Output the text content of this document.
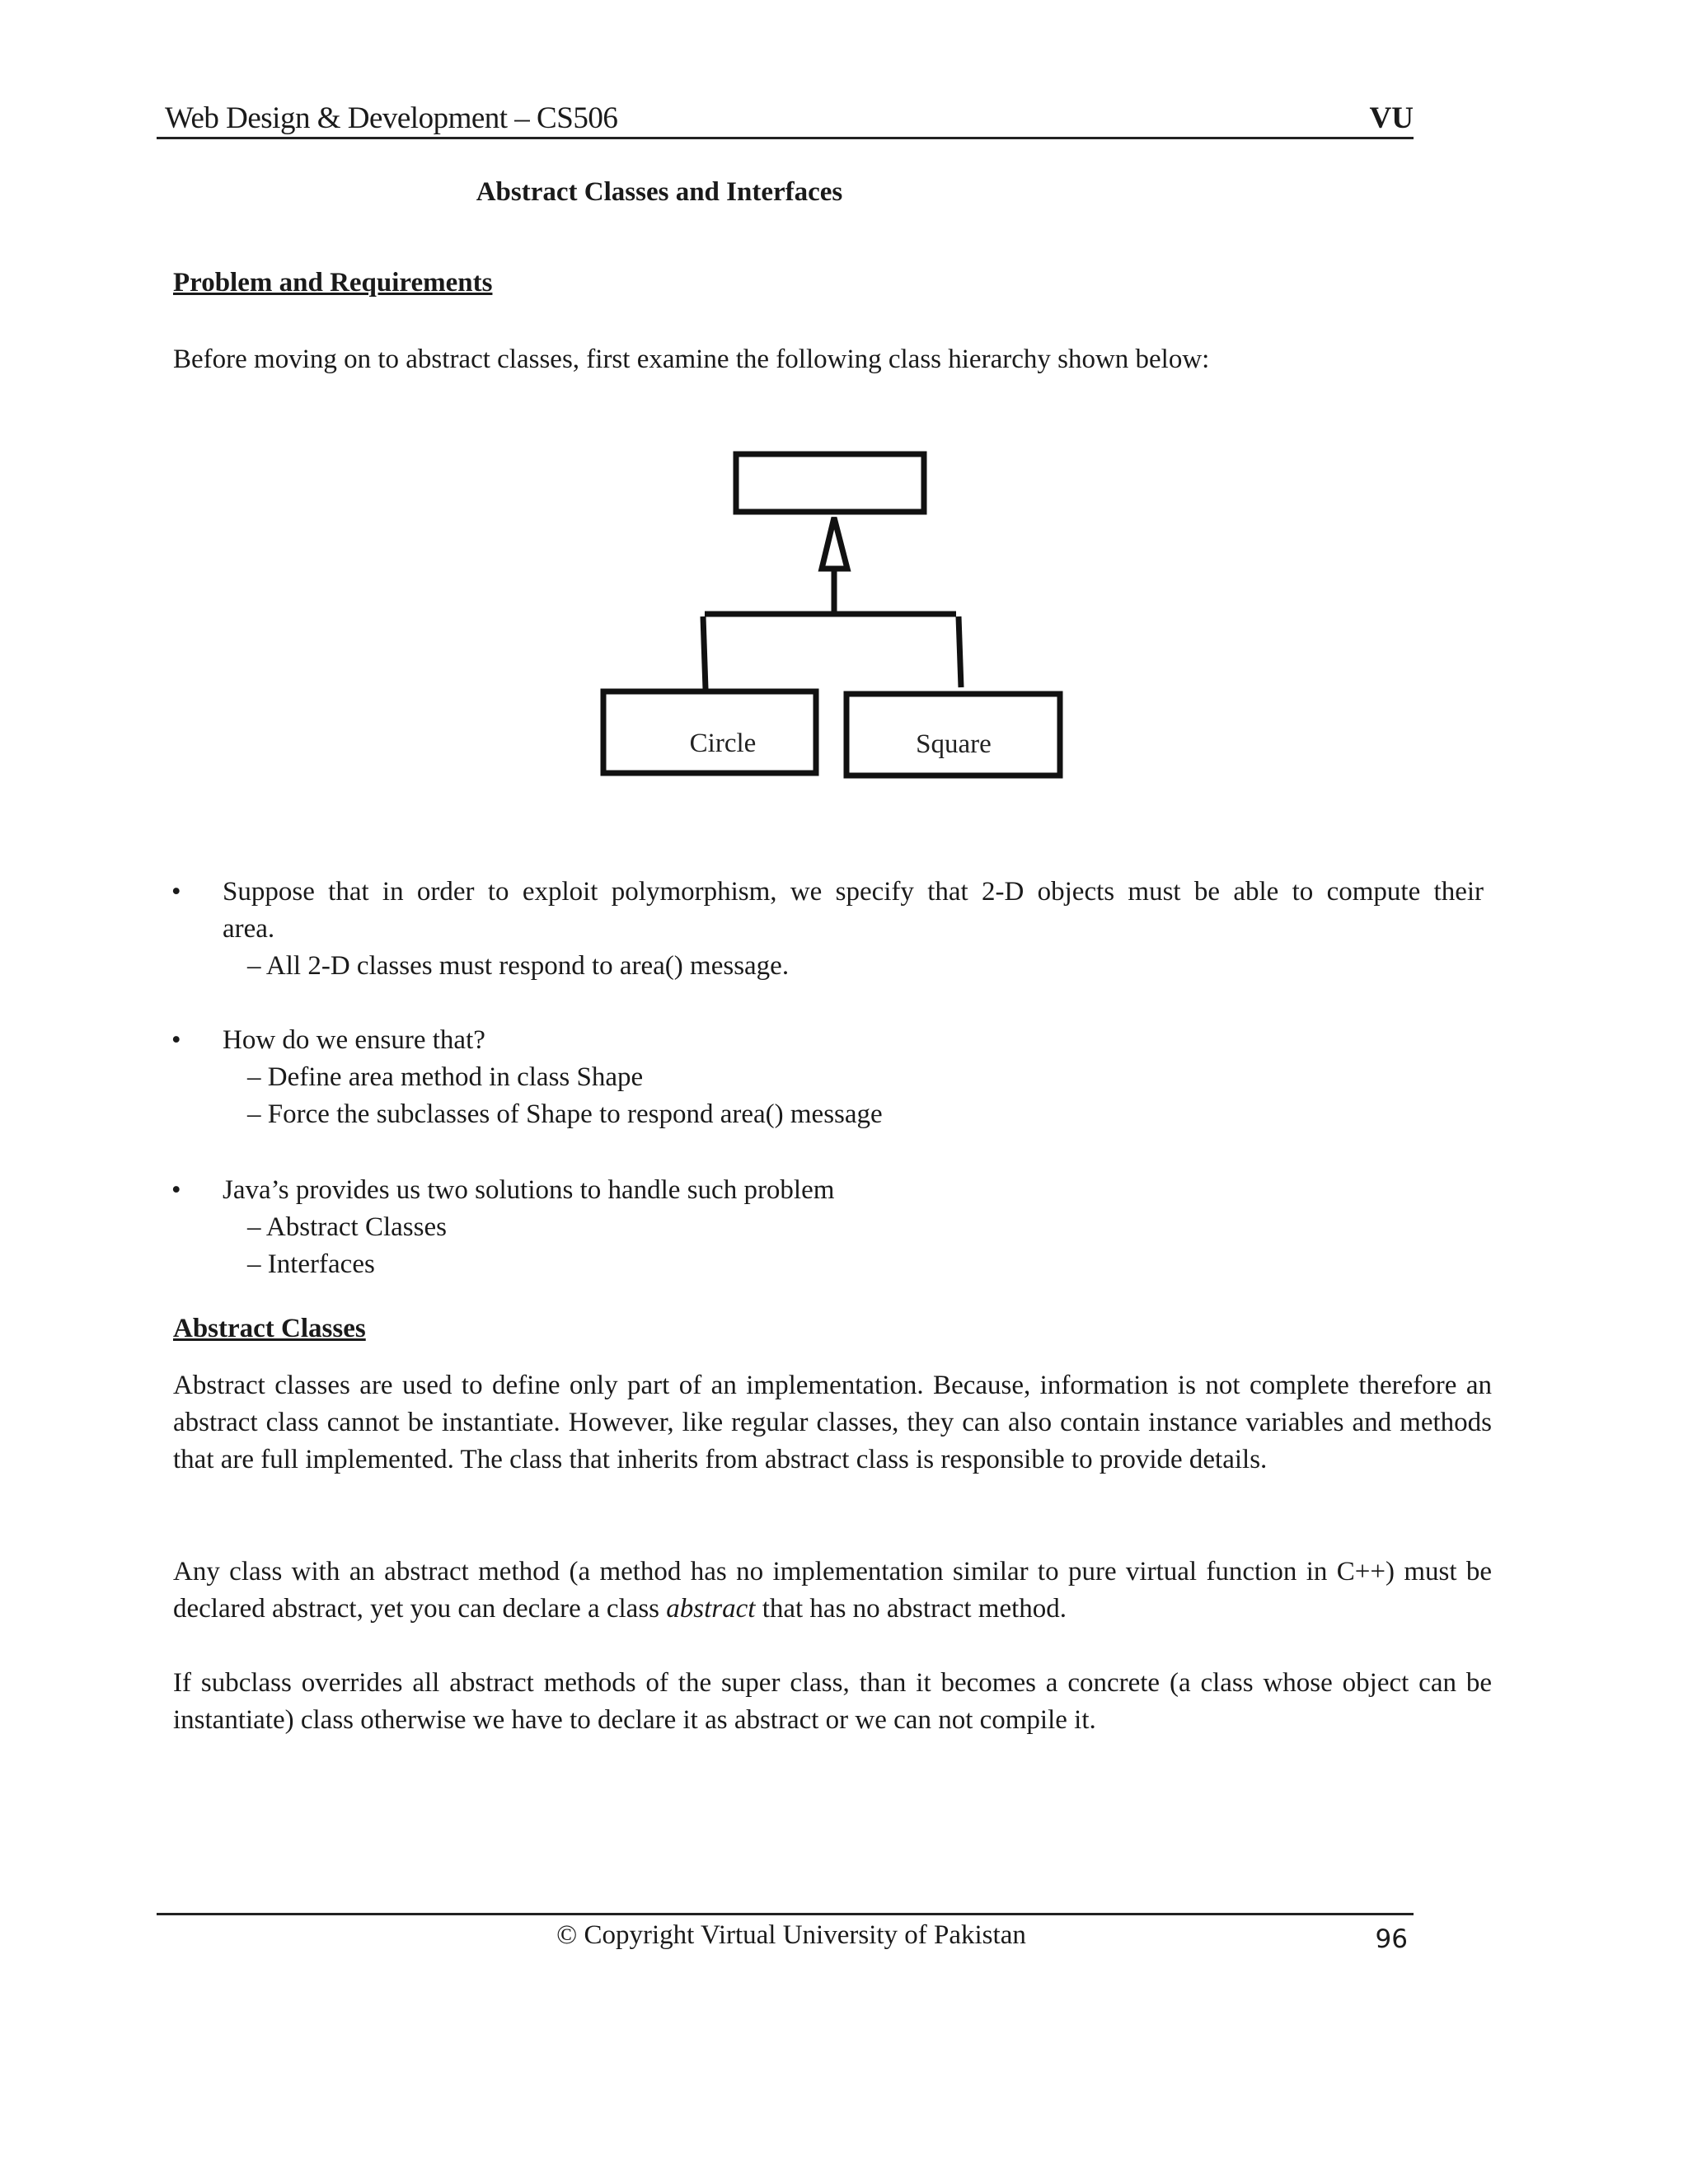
Web Design & Development – CS506	VU
Abstract Classes and Interfaces
Problem and Requirements
Before moving on to abstract classes, first examine the following class hierarchy shown below:
Circle	Square
• Suppose that in order to exploit polymorphism, we specify that 2-D objects must be able to compute their
area.
– All 2-D classes must respond to area() message.
• How do we ensure that?
– Define area method in class Shape
– Force the subclasses of Shape to respond area() message
• Java’s provides us two solutions to handle such problem
– Abstract Classes
– Interfaces
Abstract Classes
Abstract classes are used to define only part of an implementation. Because, information is not complete therefore an abstract class cannot be instantiate. However, like regular classes, they can also contain instance variables and methods that are full implemented. The class that inherits from abstract class is responsible to provide details.
Any class with an abstract method (a method has no implementation similar to pure virtual function in C++) must be declared abstract, yet you can declare a class abstract that has no abstract method.
If subclass overrides all abstract methods of the super class, than it becomes a concrete (a class whose object can be instantiate) class otherwise we have to declare it as abstract or we can not compile it.
© Copyright Virtual University of Pakistan	96
